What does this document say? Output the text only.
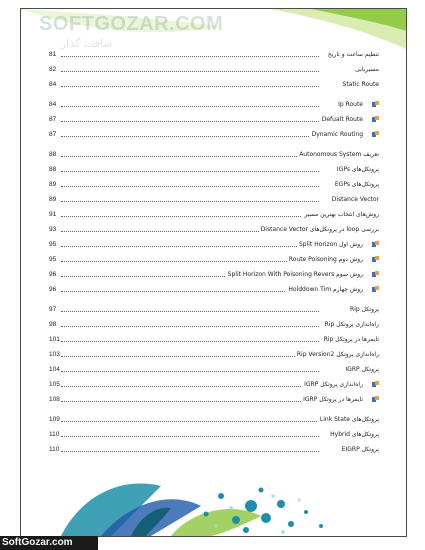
SOFTGOZAR.COM
سافت گذار
81	تنظیم ساعت و تاریخ
82	مسیریابی
84	Static Route
84	Ip Route
87	Defualt Route
87	Dynamic Routing
88	تعریف Autonomous System
88	پروتکل‌های IGPs
89	پروتکل‌های EGPs
89	Distance Vector
91	روش‌های انتخاب بهترین مسیر
93	بررسی loop در پروتکل‌های Distance Vector
95	روش اول Split Horizon
95	روش دوم Route Poisoning
96	روش سوم Split Horizon With Poisoning Revers
96	روش چهارم Holddown Tim
97	پروتکل Rip
98	راه‌اندازی پروتکل Rip
101	تایمرها در پروتکل Rip
103	راه‌اندازی پروتکل Rip Version2
104	پروتکل IGRP
105	راه‌اندازی پروتکل IGRP
108	تایمرها در پروتکل IGRP
109	پروتکل‌های Link State
110	پروتکل‌های Hybrid
110	پروتکل EIGRP
SoftGozar.com
